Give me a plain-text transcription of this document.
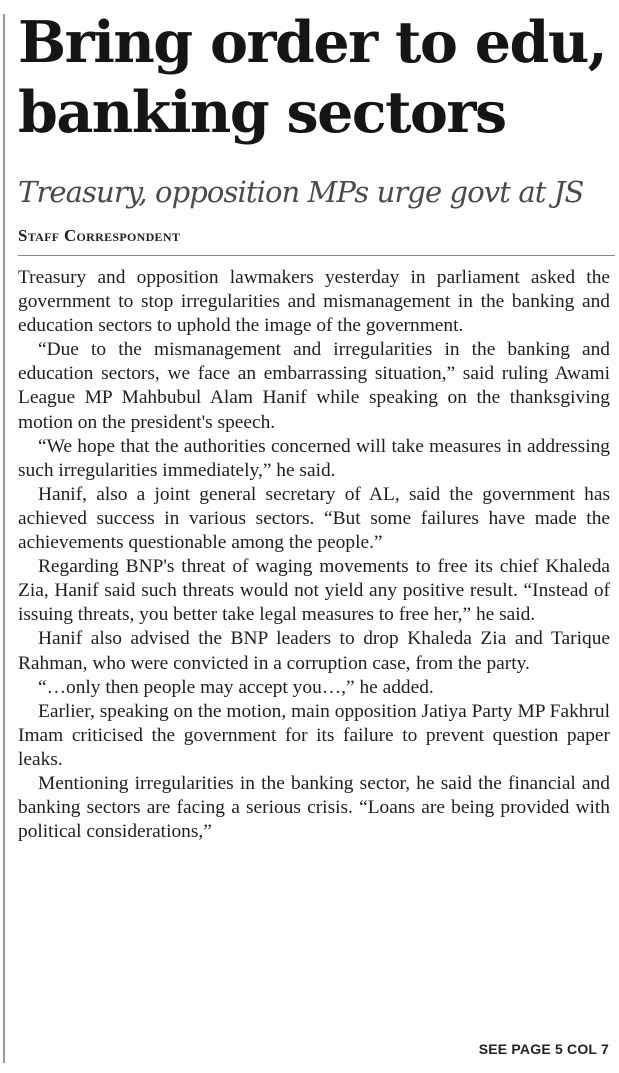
Bring order to edu,
banking sectors
Treasury, opposition MPs urge govt at JS
Staff Correspondent

Treasury and opposition lawmakers yesterday in parliament asked the government to stop irregularities and mismanagement in the banking and education sectors to uphold the image of the government.

“Due to the mismanagement and irregularities in the banking and education sectors, we face an embarrassing situation,” said ruling Awami League MP Mahbubul Alam Hanif while speaking on the thanksgiving motion on the president's speech.

“We hope that the authorities concerned will take measures in addressing such irregularities immediately,” he said.

Hanif, also a joint general secretary of AL, said the government has achieved success in various sectors. “But some failures have made the achievements questionable among the people.”

Regarding BNP's threat of waging movements to free its chief Khaleda Zia, Hanif said such threats would not yield any positive result. “Instead of issuing threats, you better take legal measures to free her,” he said.

Hanif also advised the BNP leaders to drop Khaleda Zia and Tarique Rahman, who were convicted in a corruption case, from the party.

“…only then people may accept you…,” he added.

Earlier, speaking on the motion, main opposition Jatiya Party MP Fakhrul Imam criticised the government for its failure to prevent question paper leaks.

Mentioning irregularities in the banking sector, he said the financial and banking sectors are facing a serious crisis. “Loans are being provided with political considerations,”

SEE PAGE 5 COL 7
